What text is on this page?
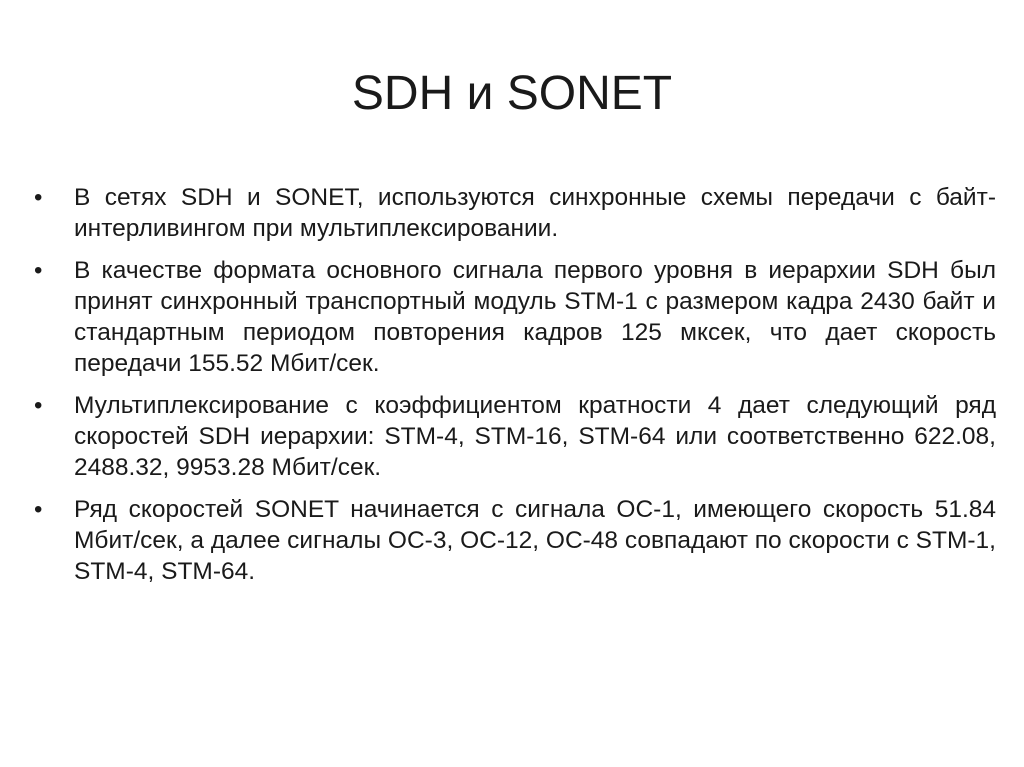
SDH и SONET
•	В сетях SDH и SONET, используются синхронные схемы передачи с байт-интерливингом при мультиплексировании.
•	В качестве формата основного сигнала первого уровня в иерархии SDH был принят синхронный транспортный модуль STM-1 с размером кадра 2430 байт и стандартным периодом повторения кадров 125 мксек, что дает скорость передачи 155.52 Мбит/сек.
•	Мультиплексирование с коэффициентом кратности 4 дает следующий ряд скоростей SDH иерархии: STM-4, STM-16, STM-64 или соответственно 622.08, 2488.32, 9953.28 Мбит/сек.
•	Ряд скоростей SONET начинается с сигнала OC-1, имеющего скорость 51.84 Мбит/сек, а далее сигналы OC-3, OC-12, OC-48 совпадают по скорости с STM-1, STM-4, STM-64.
